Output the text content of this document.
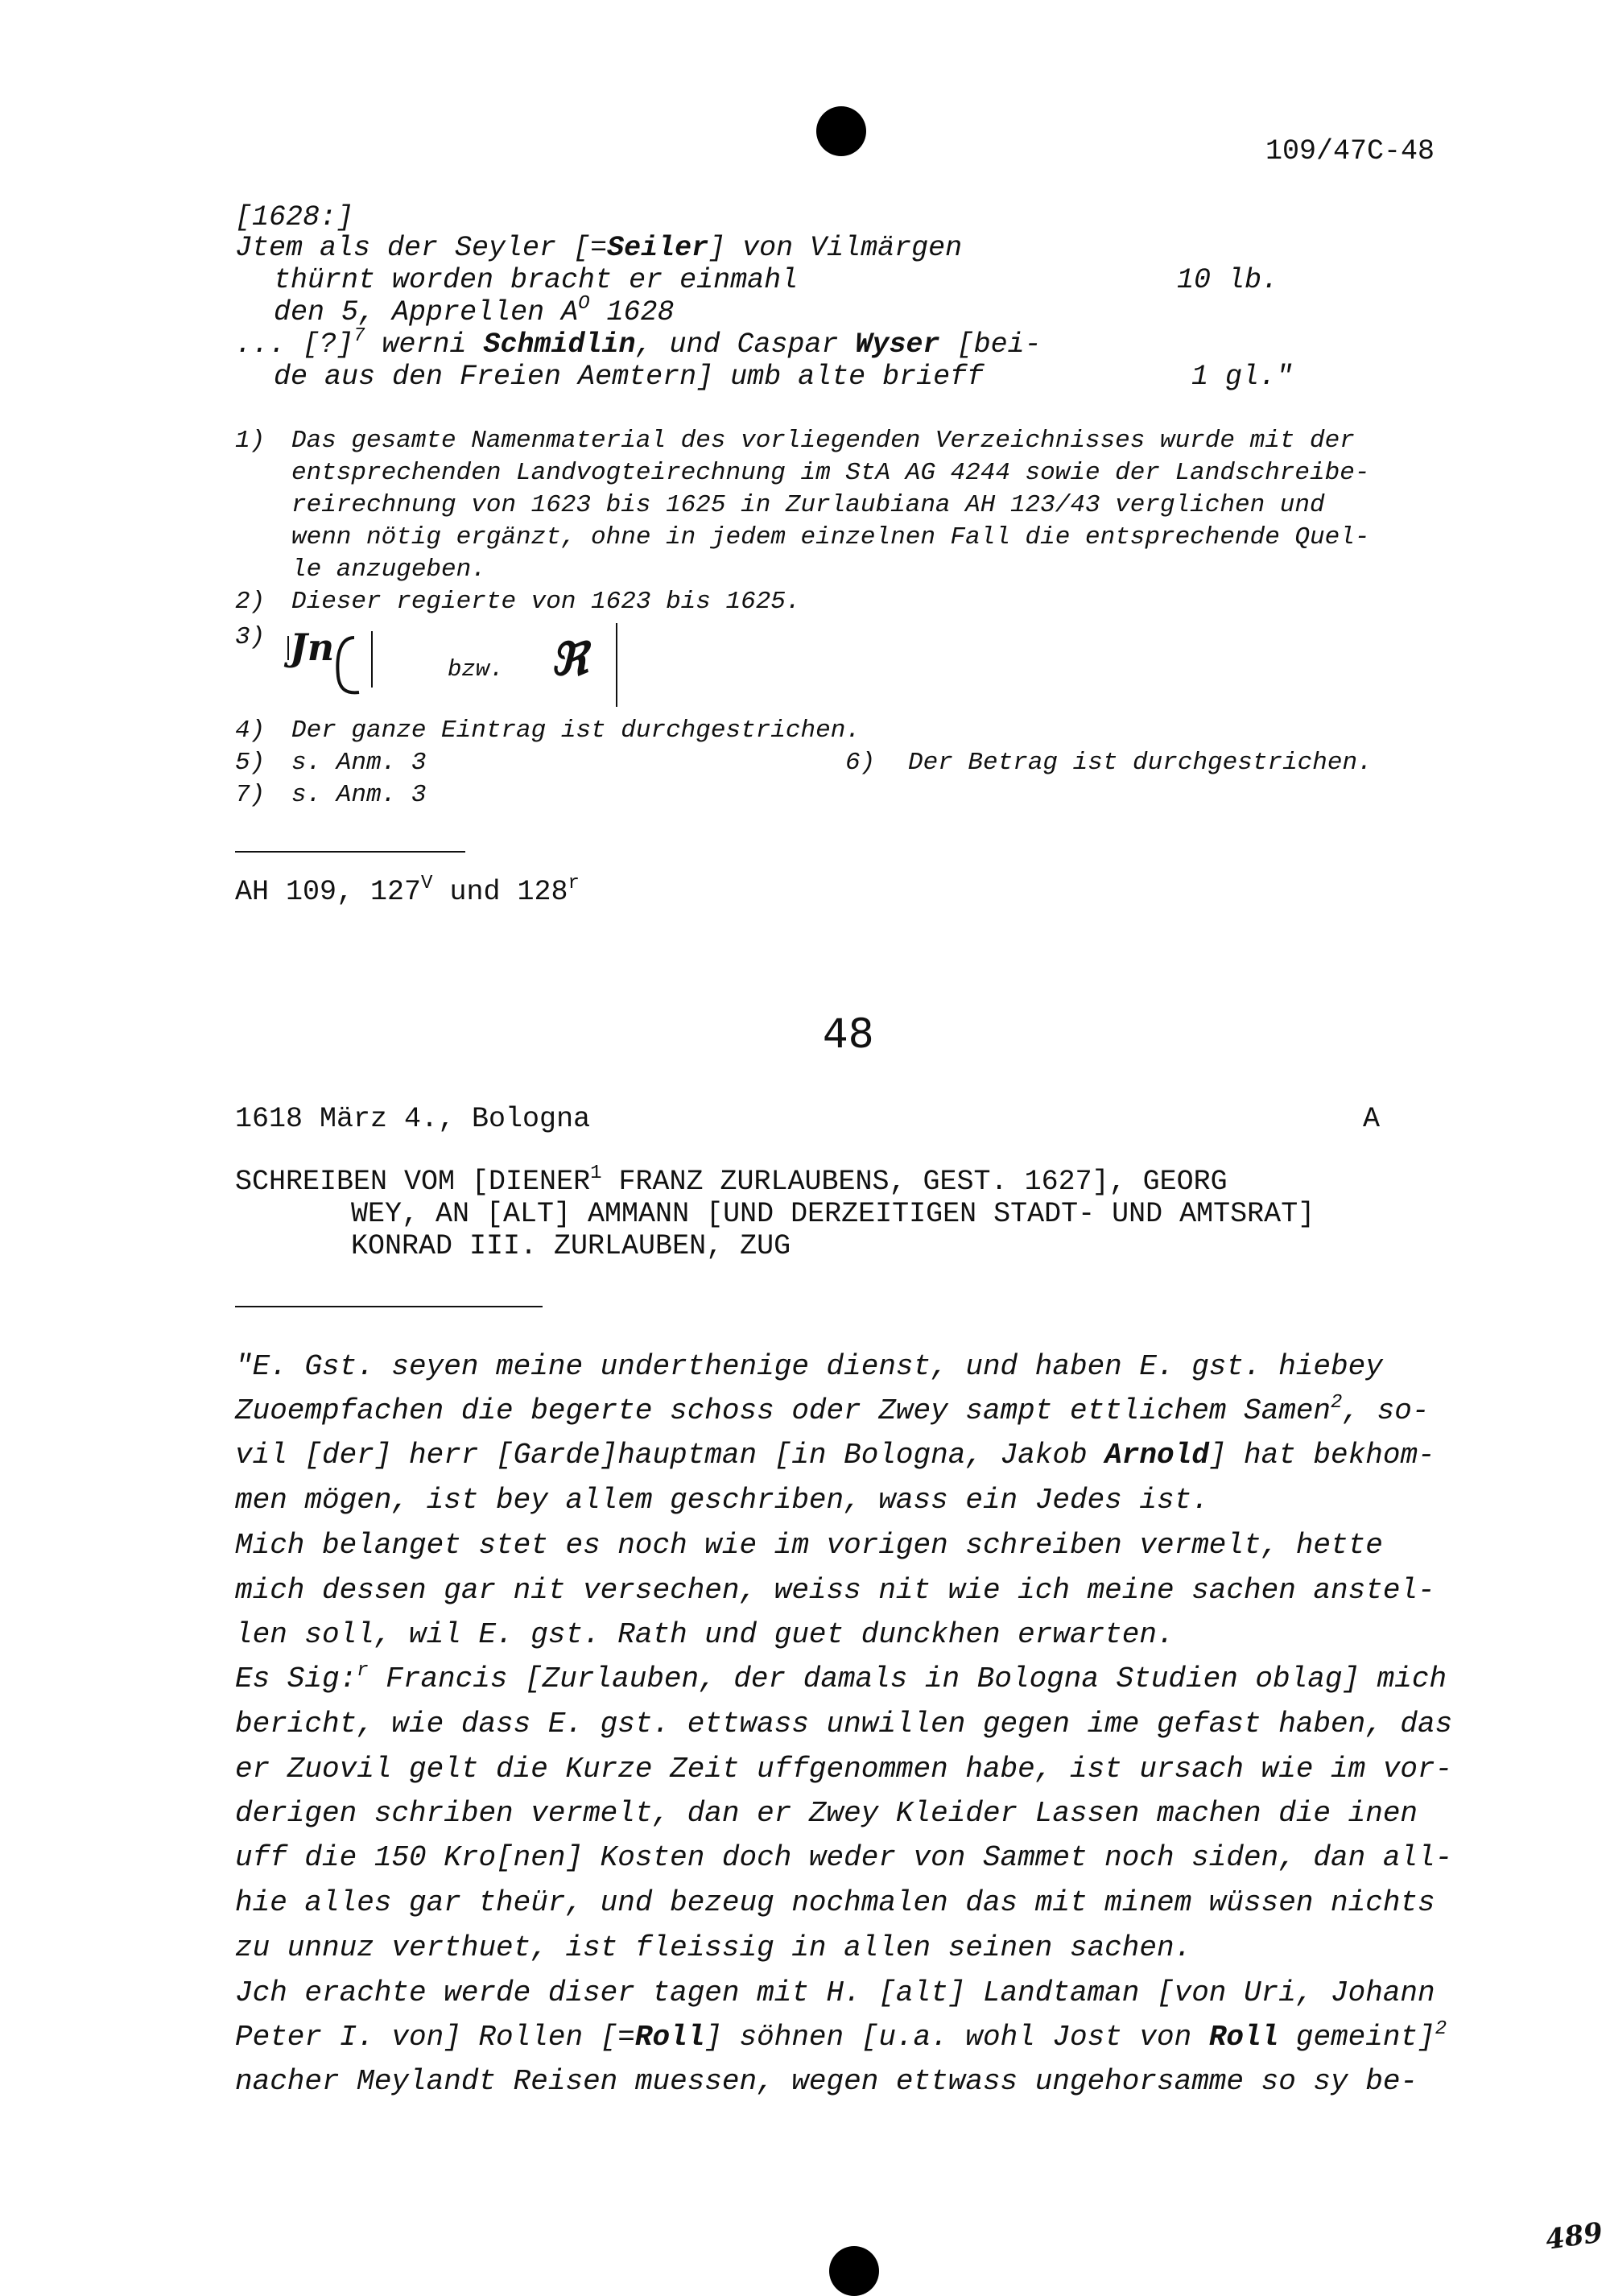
109/47C-48
[1628:]
Jtem als der Seyler [=Seiler] von Vilmärgen
thürnt worden bracht er einmahl	10 lb.
den 5, Apprellen $A^O$ 1628
... [?]$^7$ werni Schmidlin, und Caspar Wyser [bei-
de aus den Freien Aemtern] umb alte brieff	1 gl."
1) Das gesamte Namenmaterial des vorliegenden Verzeichnisses wurde mit der
entsprechenden Landvogteirechnung im StA AG 4244 sowie der Landschreibe-
reirechnung von 1623 bis 1625 in Zurlaubiana AH 123/43 verglichen und
wenn nötig ergänzt, ohne in jedem einzelnen Fall die entsprechende Quel-
le anzugeben.
2) Dieser regierte von 1623 bis 1625.
3) Jn
bzw. ℜ
4) Der ganze Eintrag ist durchgestrichen.
5) s. Anm. 3	6) Der Betrag ist durchgestrichen.
7) s. Anm. 3
AH 109, $127^V$ und 128$^r$
48
1618 März 4., Bologna	A
SCHREIBEN VOM [DIENER$^1$ FRANZ ZURLAUBENS, GEST. 1627], GEORG
WEY, AN [ALT] AMMANN [UND DERZEITIGEN STADT- UND AMTSRAT]
KONRAD III. ZURLAUBEN, ZUG
"E. Gst. seyen meine underthenige dienst, und haben E. gst. hiebey
Zuoempfachen die begerte schoss oder Zwey sampt ettlichem Samen$^2$, so-
vil [der] herr [Garde]hauptman [in Bologna, Jakob Arnold] hat bekhom-
men mögen, ist bey allem geschriben, wass ein Jedes ist.
Mich belanget stet es noch wie im vorigen schreiben vermelt, hette
mich dessen gar nit versechen, weiss nit wie ich meine sachen anstel-
len soll, wil E. gst. Rath und guet dunckhen erwarten.
Es Sig:$^r$ Francis [Zurlauben, der damals in Bologna Studien oblag] mich
bericht, wie dass E. gst. ettwass unwillen gegen ime gefast haben, das
er Zuovil gelt die Kurze Zeit uffgenommen habe, ist ursach wie im vor-
derigen schriben vermelt, dan er Zwey Kleider Lassen machen die inen
uff die 150 Kro[nen] Kosten doch weder von Sammet noch siden, dan all-
hie alles gar theür, und bezeug nochmalen das mit minem wüssen nichts
zu unnuz verthuet, ist fleissig in allen seinen sachen.
Jch erachte werde diser tagen mit H. [alt] Landtaman [von Uri, Johann
Peter I. von] Rollen [=Roll] söhnen [u.a. wohl Jost von Roll gemeint]$^2$
nacher Meylandt Reisen muessen, wegen ettwass ungehorsamme so sy be-
489
